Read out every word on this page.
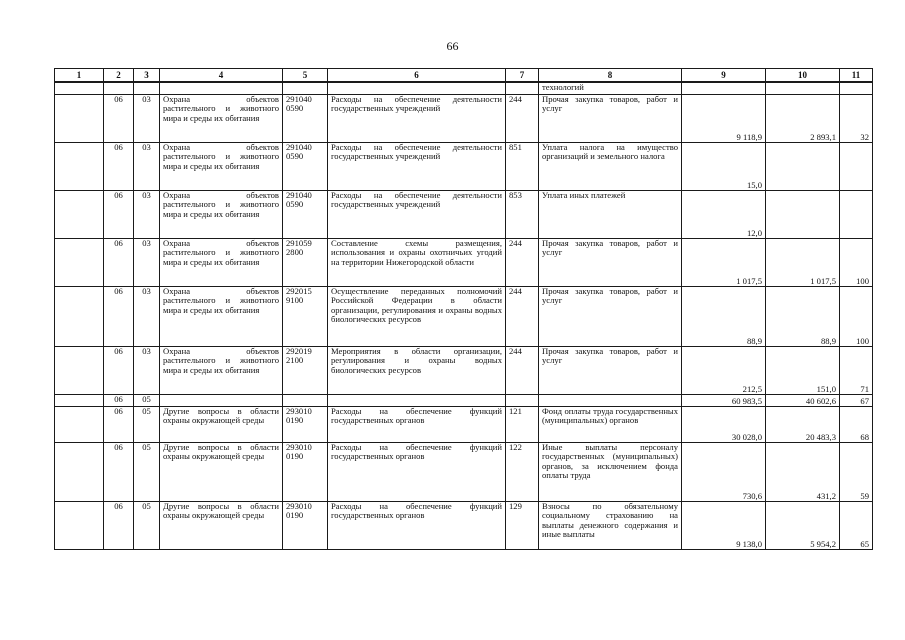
66
1	2	3	4	5	6	7	8	9	10	11
							технологий			
	06	03	Охрана объектов растительного и животного мира и среды их обитания	291040 0590	Расходы на обеспечение деятельности государственных учреждений	244	Прочая закупка товаров, работ и услуг	9 118,9	2 893,1	32
	06	03	Охрана объектов растительного и животного мира и среды их обитания	291040 0590	Расходы на обеспечение деятельности государственных учреждений	851	Уплата налога на имущество организаций и земельного налога	15,0		
	06	03	Охрана объектов растительного и животного мира и среды их обитания	291040 0590	Расходы на обеспечение деятельности государственных учреждений	853	Уплата иных платежей	12,0		
	06	03	Охрана объектов растительного и животного мира и среды их обитания	291059 2800	Составление схемы размещения, использования и охраны охотничьих угодий на территории Нижегородской области	244	Прочая закупка товаров, работ и услуг	1 017,5	1 017,5	100
	06	03	Охрана объектов растительного и животного мира и среды их обитания	292015 9100	Осуществление переданных полномочий Российской Федерации в области организации, регулирования и охраны водных биологических ресурсов	244	Прочая закупка товаров, работ и услуг	88,9	88,9	100
	06	03	Охрана объектов растительного и животного мира и среды их обитания	292019 2100	Мероприятия в области организации, регулирования и охраны водных биологических ресурсов	244	Прочая закупка товаров, работ и услуг	212,5	151,0	71
	06	05						60 983,5	40 602,6	67
	06	05	Другие вопросы в области охраны окружающей среды	293010 0190	Расходы на обеспечение функций государственных органов	121	Фонд оплаты труда государственных (муниципальных) органов	30 028,0	20 483,3	68
	06	05	Другие вопросы в области охраны окружающей среды	293010 0190	Расходы на обеспечение функций государственных органов	122	Иные выплаты персоналу государственных (муниципальных) органов, за исключением фонда оплаты труда	730,6	431,2	59
	06	05	Другие вопросы в области охраны окружающей среды	293010 0190	Расходы на обеспечение функций государственных органов	129	Взносы по обязательному социальному страхованию на выплаты денежного содержания и иные выплаты	9 138,0	5 954,2	65
